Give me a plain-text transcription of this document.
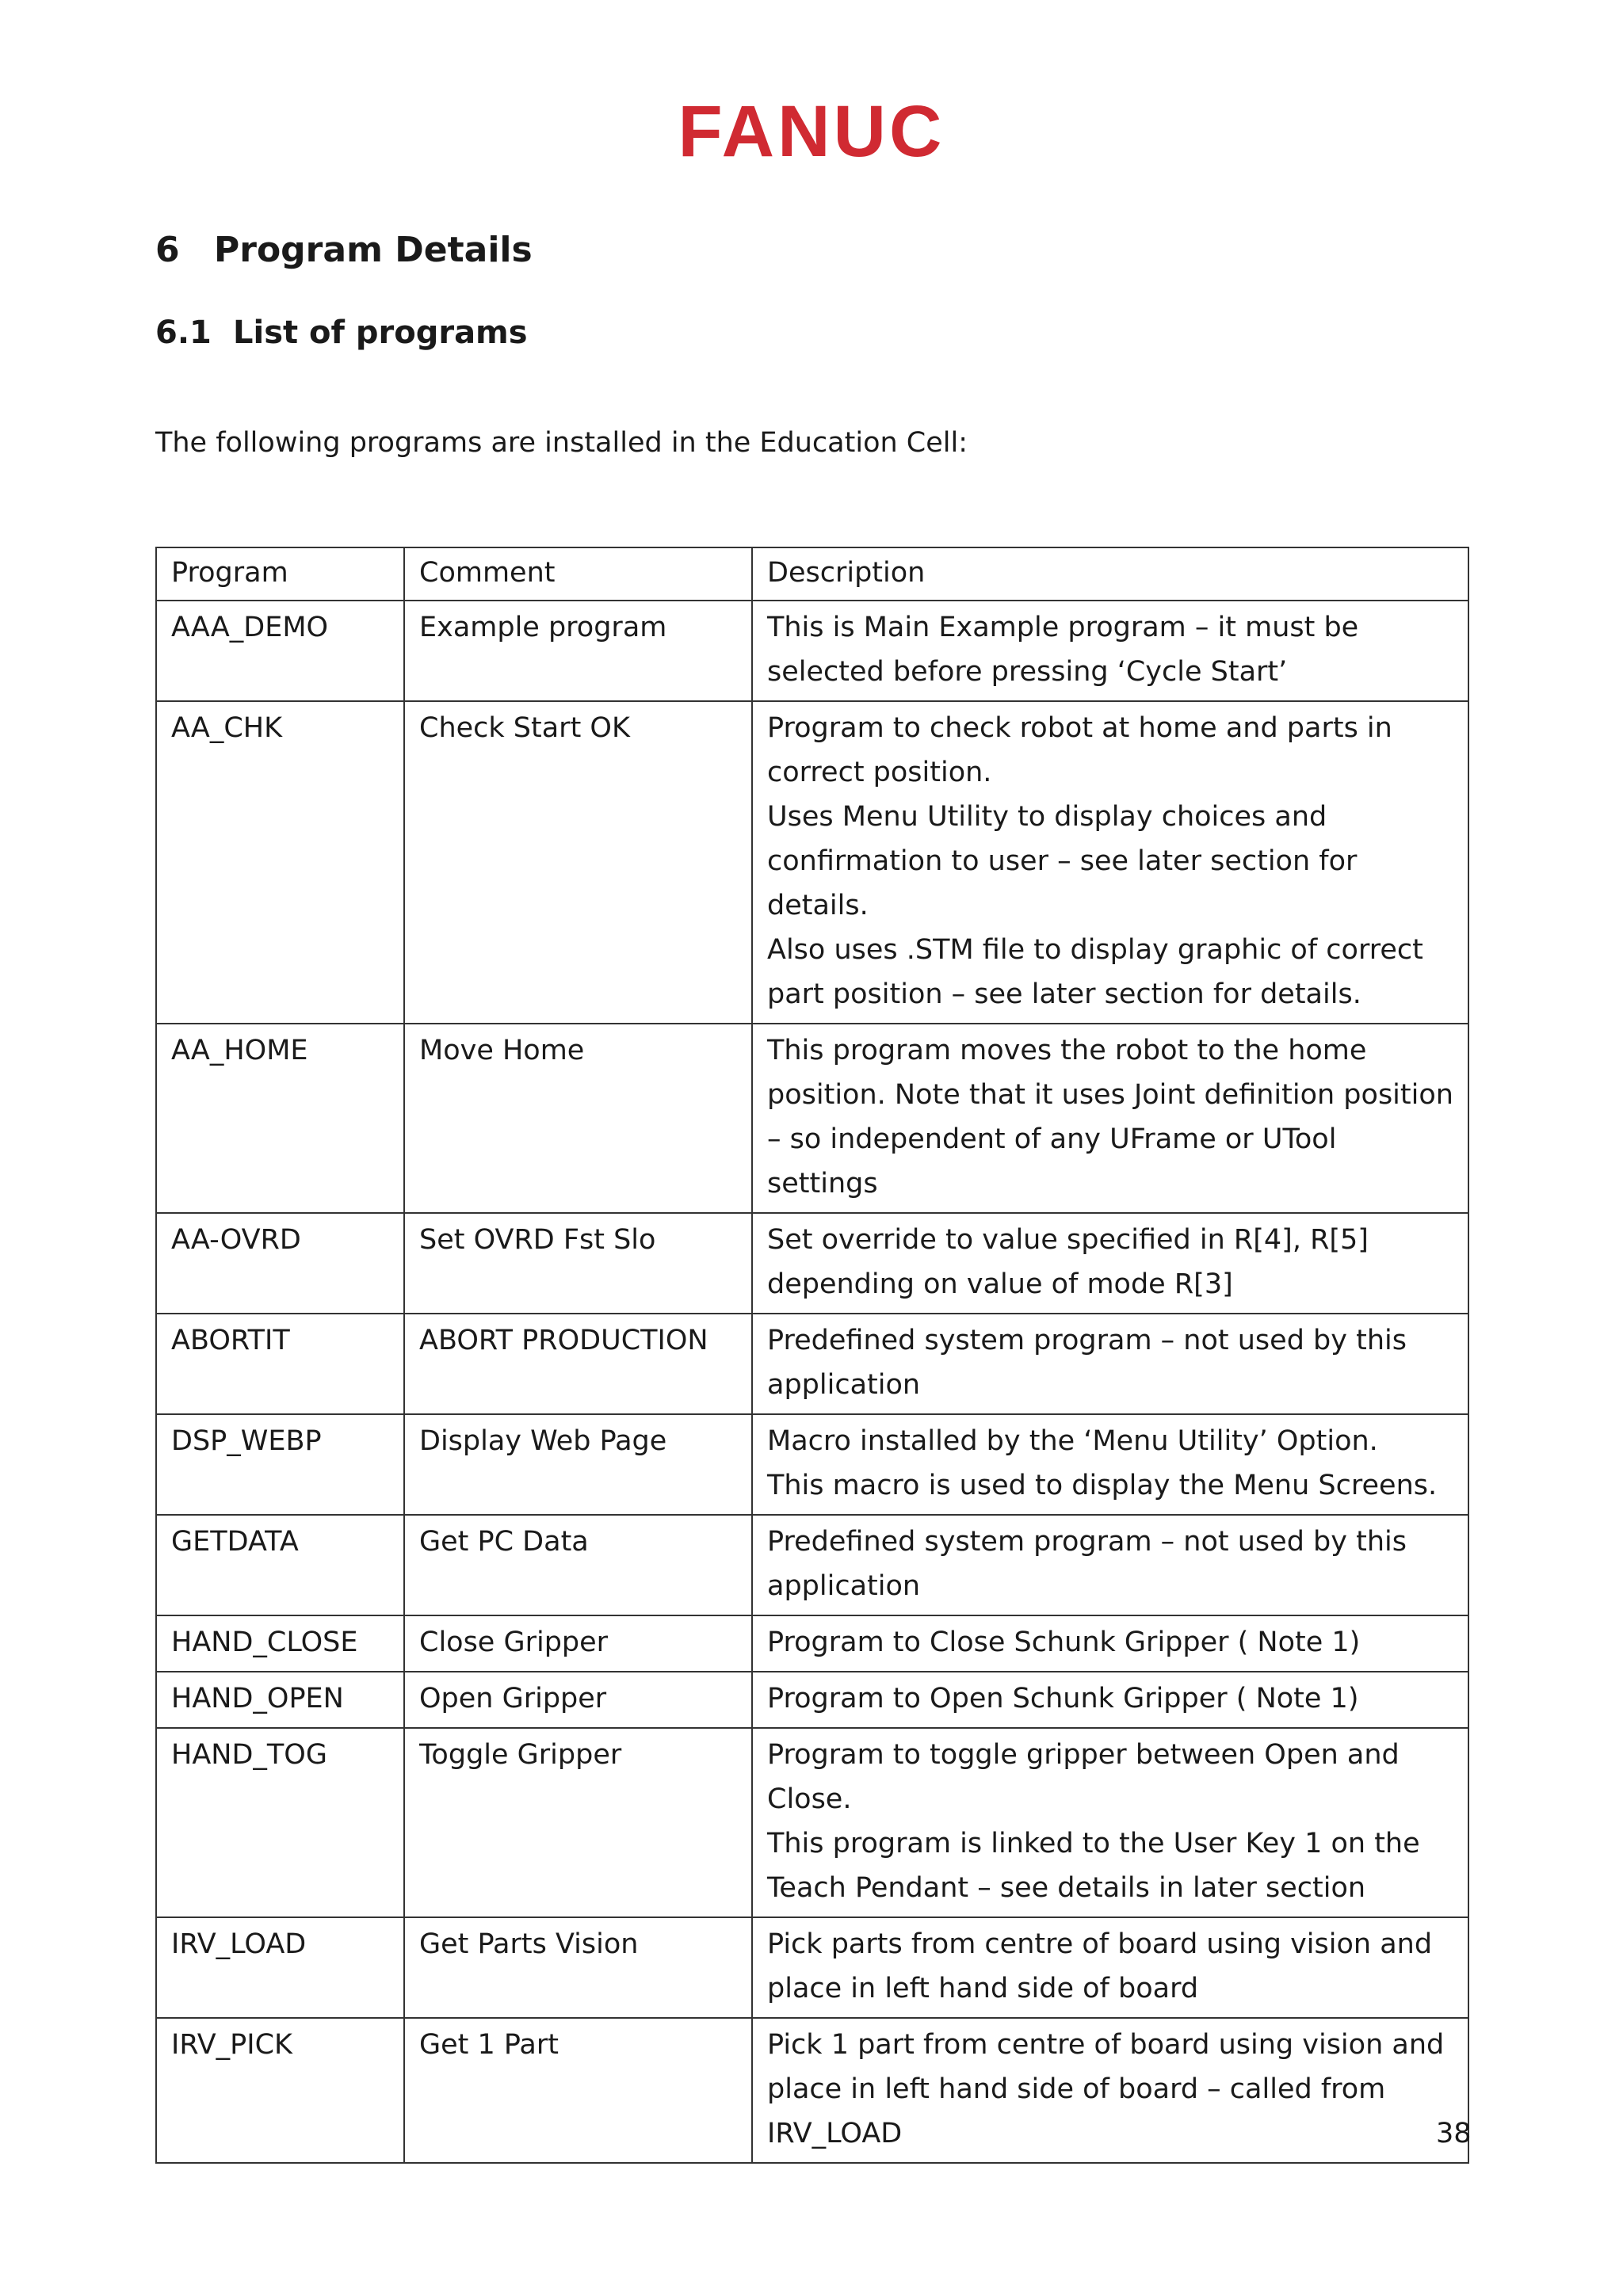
FANUC
6 Program Details
6.1 List of programs

The following programs are installed in the Education Cell:

Program	Comment	Description
AAA_DEMO	Example program	This is Main Example program – it must be selected before pressing ‘Cycle Start’

AA_CHK	Check Start OK	Program to check robot at home and parts in correct position.
Uses Menu Utility to display choices and confirmation to user – see later section for details.
Also uses .STM file to display graphic of correct part position – see later section for details.

AA_HOME	Move Home	This program moves the robot to the home position. Note that it uses Joint definition position – so independent of any UFrame or UTool settings

AA-OVRD	Set OVRD Fst Slo	Set override to value specified in R[4], R[5] depending on value of mode R[3]

ABORTIT	ABORT PRODUCTION	Predefined system program – not used by this application

DSP_WEBP	Display Web Page	Macro installed by the ‘Menu Utility’ Option.
This macro is used to display the Menu Screens.

GETDATA	Get PC Data	Predefined system program – not used by this application

HAND_CLOSE	Close Gripper	Program to Close Schunk Gripper ( Note 1)

HAND_OPEN	Open Gripper	Program to Open Schunk Gripper ( Note 1)

HAND_TOG	Toggle Gripper	Program to toggle gripper between Open and Close.
This program is linked to the User Key 1 on the Teach Pendant – see details in later section

IRV_LOAD	Get Parts Vision	Pick parts from centre of board using vision and place in left hand side of board

IRV_PICK	Get 1 Part	Pick 1 part from centre of board using vision and place in left hand side of board – called from IRV_LOAD	38
